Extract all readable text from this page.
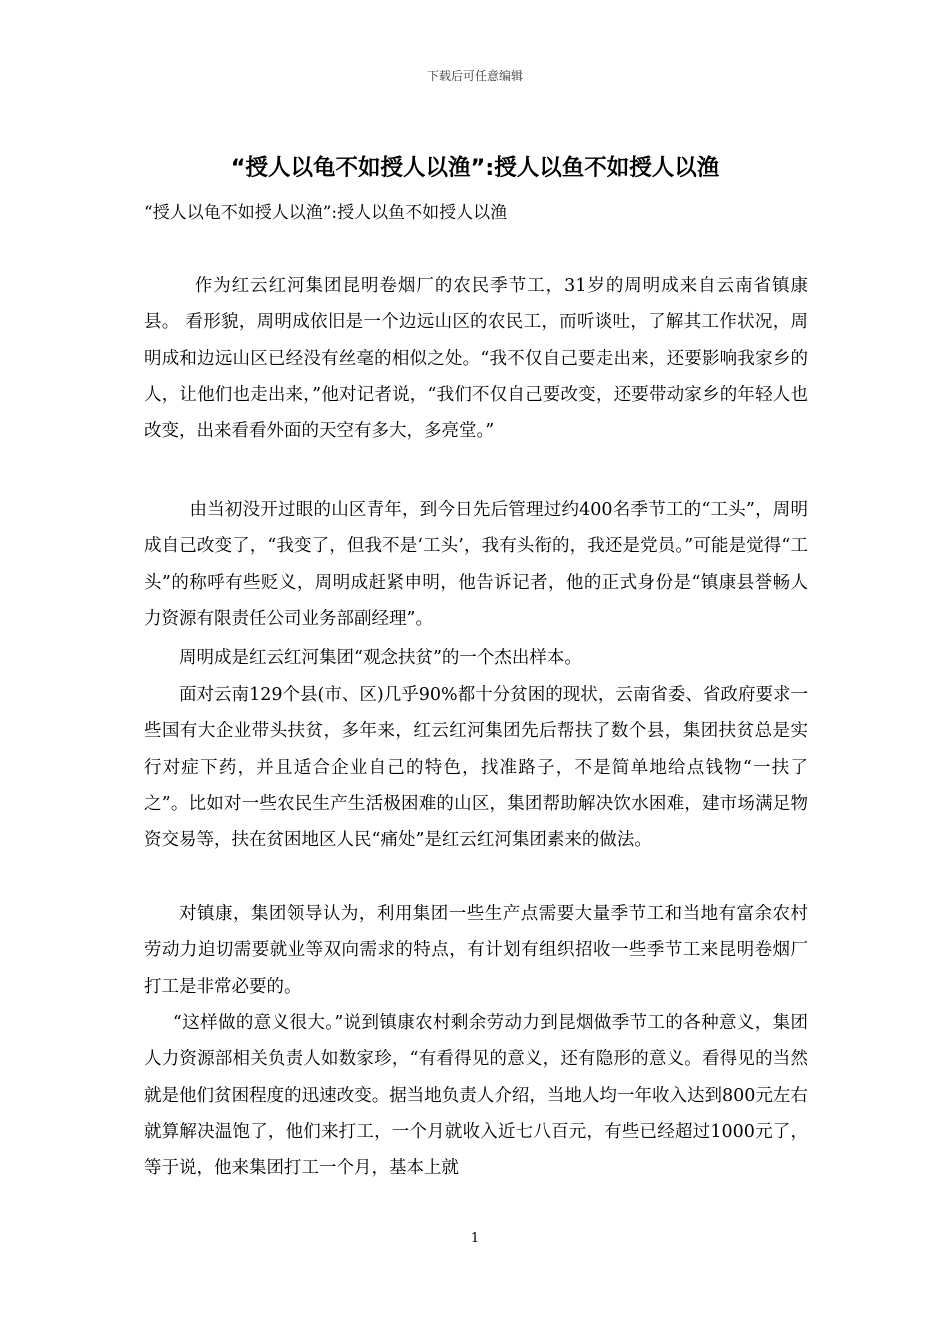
下载后可任意编辑
“授人以龟不如授人以渔”:授人以鱼不如授人以渔
“授人以龟不如授人以渔”:授人以鱼不如授人以渔

作为红云红河集团昆明卷烟厂的农民季节工，31岁的周明成来自云南省镇康县。 看形貌，周明成依旧是一个边远山区的农民工，而听谈吐，了解其工作状况，周明成和边远山区已经没有丝毫的相似之处。“我不仅自己要走出来，还要影响我家乡的人，让他们也走出来，”他对记者说，“我们不仅自己要改变，还要带动家乡的年轻人也改变，出来看看外面的天空有多大，多亮堂。”

由当初没开过眼的山区青年，到今日先后管理过约400名季节工的“工头”，周明成自己改变了，“我变了，但我不是‘工头’，我有头衔的，我还是党员。”可能是觉得“工头”的称呼有些贬义，周明成赶紧申明，他告诉记者，他的正式身份是“镇康县誉畅人力资源有限责任公司业务部副经理”。

周明成是红云红河集团“观念扶贫”的一个杰出样本。

面对云南129个县(市、区)几乎90%都十分贫困的现状，云南省委、省政府要求一些国有大企业带头扶贫，多年来，红云红河集团先后帮扶了数个县，集团扶贫总是实行对症下药，并且适合企业自己的特色，找准路子，不是简单地给点钱物“一扶了之”。比如对一些农民生产生活极困难的山区，集团帮助解决饮水困难，建市场满足物资交易等，扶在贫困地区人民“痛处”是红云红河集团素来的做法。

对镇康，集团领导认为，利用集团一些生产点需要大量季节工和当地有富余农村劳动力迫切需要就业等双向需求的特点，有计划有组织招收一些季节工来昆明卷烟厂打工是非常必要的。

“这样做的意义很大。”说到镇康农村剩余劳动力到昆烟做季节工的各种意义，集团人力资源部相关负责人如数家珍，“有看得见的意义，还有隐形的意义。看得见的当然就是他们贫困程度的迅速改变。据当地负责人介绍，当地人均一年收入达到800元左右就算解决温饱了，他们来打工，一个月就收入近七八百元，有些已经超过1000元了，等于说，他来集团打工一个月，基本上就

1
